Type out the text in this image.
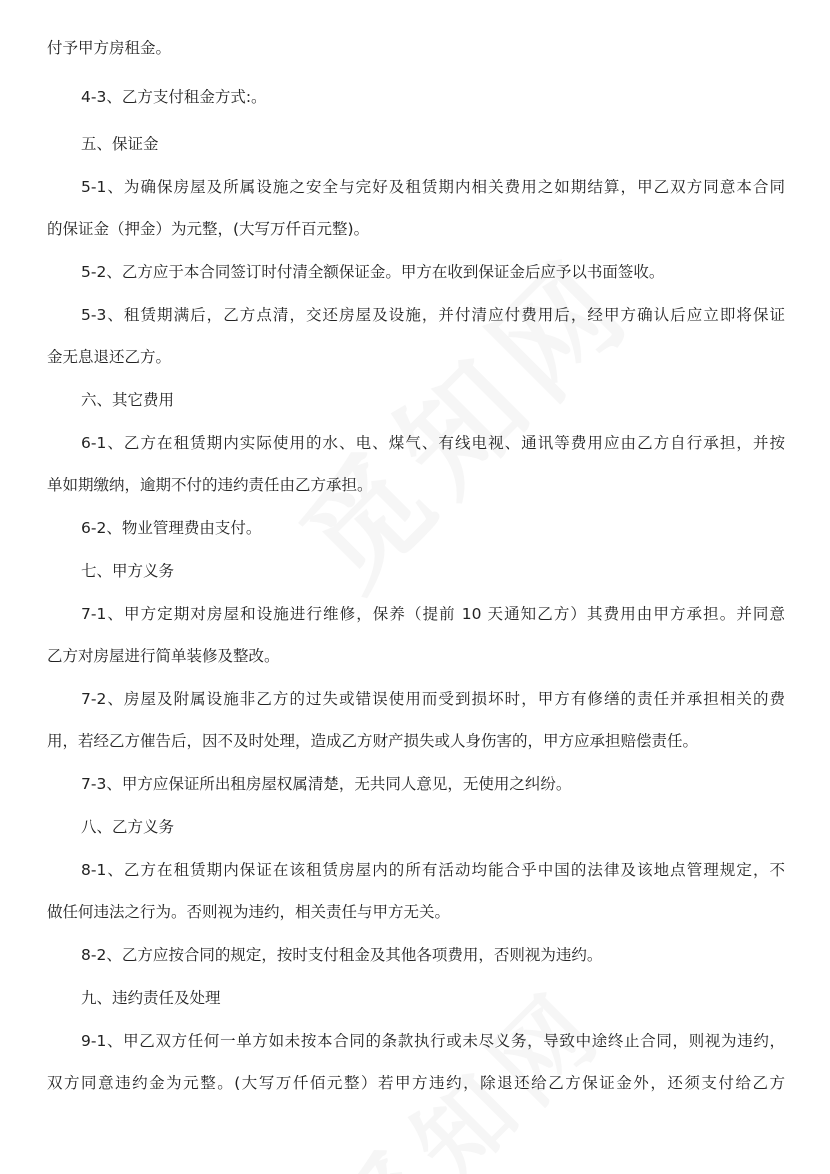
付予甲方房租金。
4-3、乙方支付租金方式:。
五、保证金
5-1、为确保房屋及所属设施之安全与完好及租赁期内相关费用之如期结算，甲乙双方同意本合同
的保证金（押金）为元整，(大写万仟百元整)。
5-2、乙方应于本合同签订时付清全额保证金。甲方在收到保证金后应予以书面签收。
5-3、租赁期满后，乙方点清，交还房屋及设施，并付清应付费用后，经甲方确认后应立即将保证
金无息退还乙方。
六、其它费用
6-1、乙方在租赁期内实际使用的水、电、煤气、有线电视、通讯等费用应由乙方自行承担，并按
单如期缴纳，逾期不付的违约责任由乙方承担。
6-2、物业管理费由支付。
七、甲方义务
7-1、甲方定期对房屋和设施进行维修，保养（提前 10 天通知乙方）其费用由甲方承担。并同意
乙方对房屋进行简单装修及整改。
7-2、房屋及附属设施非乙方的过失或错误使用而受到损坏时，甲方有修缮的责任并承担相关的费
用，若经乙方催告后，因不及时处理，造成乙方财产损失或人身伤害的，甲方应承担赔偿责任。
7-3、甲方应保证所出租房屋权属清楚，无共同人意见，无使用之纠纷。
八、乙方义务
8-1、乙方在租赁期内保证在该租赁房屋内的所有活动均能合乎中国的法律及该地点管理规定，不
做任何违法之行为。否则视为违约，相关责任与甲方无关。
8-2、乙方应按合同的规定，按时支付租金及其他各项费用，否则视为违约。
九、违约责任及处理
9-1、甲乙双方任何一单方如未按本合同的条款执行或未尽义务，导致中途终止合同，则视为违约，
双方同意违约金为元整。(大写万仟佰元整）若甲方违约，除退还给乙方保证金外，还须支付给乙方
